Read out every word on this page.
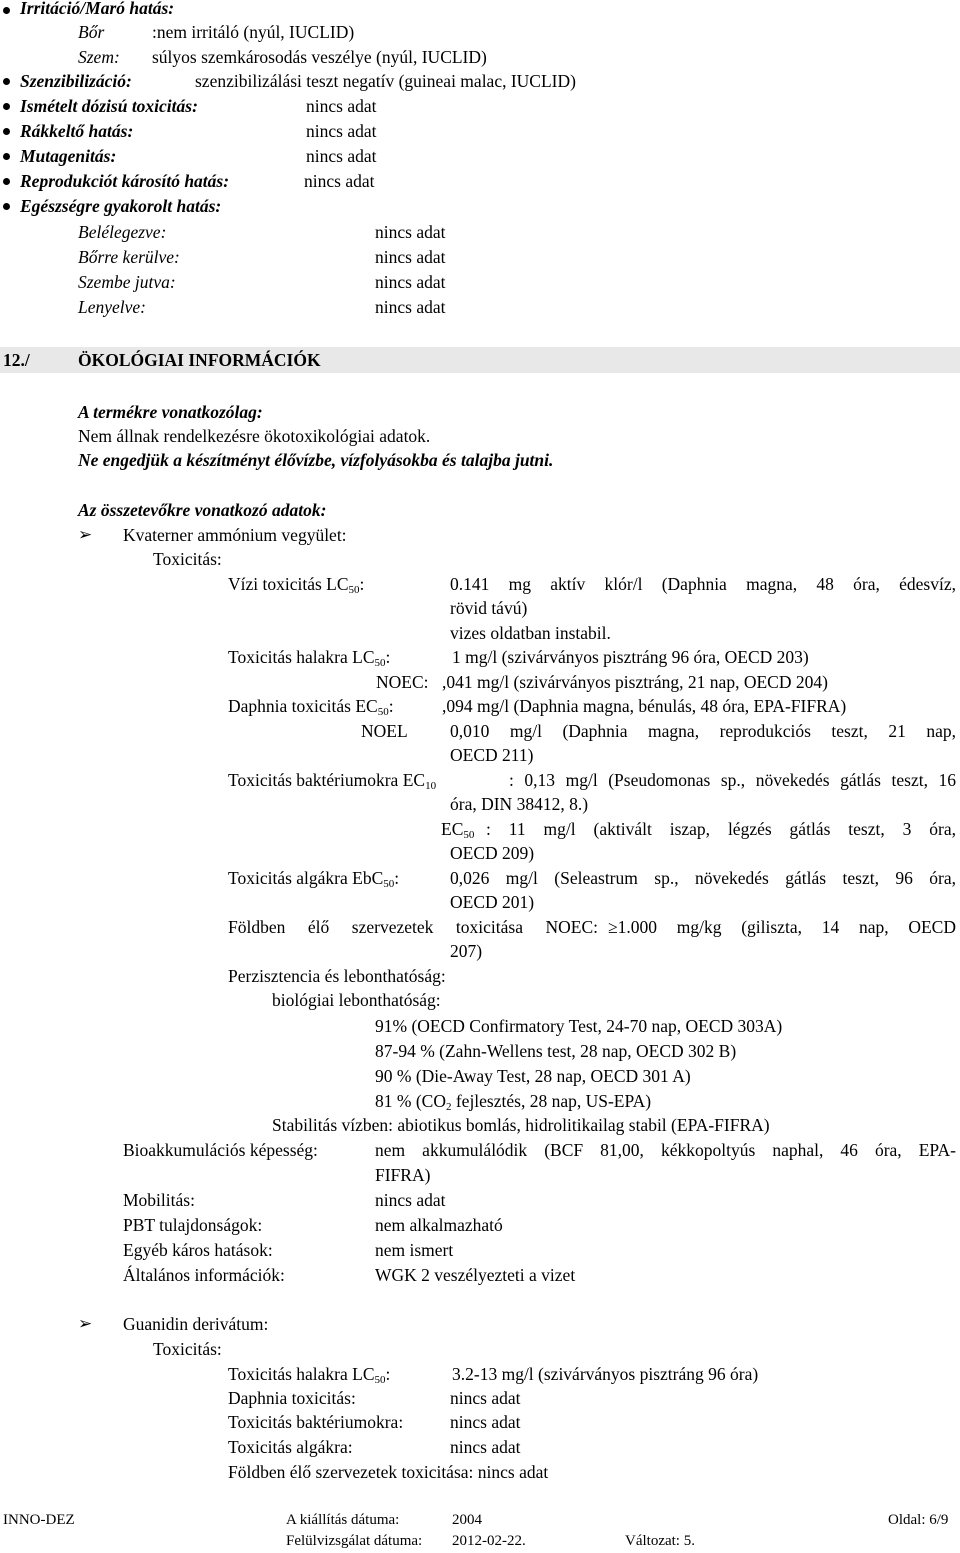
Irritáció/Maró hatás:
Bőr	:nem irritáló (nyúl, IUCLID)
Szem: súlyos szemkárosodás veszélye (nyúl, IUCLID)
Szenzibilizáció:	szenzibilizálási teszt negatív (guineai malac, IUCLID)
Ismételt dózisú toxicitás:	nincs adat
Rákkeltő hatás:	nincs adat
Mutagenitás:	nincs adat
Reprodukciót károsító hatás:	nincs adat
Egészségre gyakorolt hatás:
Belélegezve:	nincs adat
Bőrre kerülve:	nincs adat
Szembe jutva:	nincs adat
Lenyelve:	nincs adat
12./	ÖKOLÓGIAI INFORMÁCIÓK
A termékre vonatkozólag:
Nem állnak rendelkezésre ökotoxikológiai adatok.
Ne engedjük a készítményt élővízbe, vízfolyásokba és talajba jutni.
Az összetevőkre vonatkozó adatok:
➢ Kvaterner ammónium vegyület:
Toxicitás:
Vízi toxicitás $LC_{50}$:	0.141 mg aktív klór/l (Daphnia magna, 48 óra, édesvíz,
rövid távú)
vizes oldatban instabil.
Toxicitás halakra $LC_{50}$:	1 mg/l (szivárványos pisztráng 96 óra, OECD 203)
NOEC: ,041 mg/l (szivárványos pisztráng, 21 nap, OECD 204)
Daphnia toxicitás $EC_{50}$:	,094 mg/l (Daphnia magna, bénulás, 48 óra, EPA-FIFRA)
NOEL 0,010 mg/l (Daphnia magna, reprodukciós teszt, 21 nap,
OECD 211)
Toxicitás baktériumokra $EC_{10}$	: 0,13 mg/l (Pseudomonas sp., növekedés gátlás teszt, 16
óra, DIN 38412, 8.)
$EC_{50}$ : 11 mg/l (aktivált iszap, légzés gátlás teszt, 3 óra,
OECD 209)
Toxicitás algákra EbC$_{50}$:	0,026 mg/l (Seleastrum sp., növekedés gátlás teszt, 96 óra,
OECD 201)
Földben élő szervezetek toxicitása NOEC: ≥1.000 mg/kg (giliszta, 14 nap, OECD
207)
Perzisztencia és lebonthatóság:
biológiai lebonthatóság:
91% (OECD Confirmatory Test, 24-70 nap, OECD 303A)
87-94 % (Zahn-Wellens test, 28 nap, OECD 302 B)
90 % (Die-Away Test, 28 nap, OECD 301 A)
81 % ($CO_2$ fejlesztés, 28 nap, US-EPA)
Stabilitás vízben: abiotikus bomlás, hidrolitikailag stabil (EPA-FIFRA)
Bioakkumulációs képesség:	nem akkumulálódik (BCF 81,00, kékkopoltyús naphal, 46 óra, EPA-
FIFRA)
Mobilitás:	nincs adat
PBT tulajdonságok:	nem alkalmazható
Egyéb káros hatások:	nem ismert
Általános információk:	WGK 2 veszélyezteti a vizet
➢ Guanidin derivátum:
Toxicitás:
Toxicitás halakra $LC_{50}$:	3.2-13 mg/l (szivárványos pisztráng 96 óra)
Daphnia toxicitás:	nincs adat
Toxicitás baktériumokra:	nincs adat
Toxicitás algákra:	nincs adat
Földben élő szervezetek toxicitása: nincs adat
INNO-DEZ	A kiállítás dátuma:	2004	Oldal: 6/9
Felülvizsgálat dátuma: 2012-02-22.	Változat: 5.
